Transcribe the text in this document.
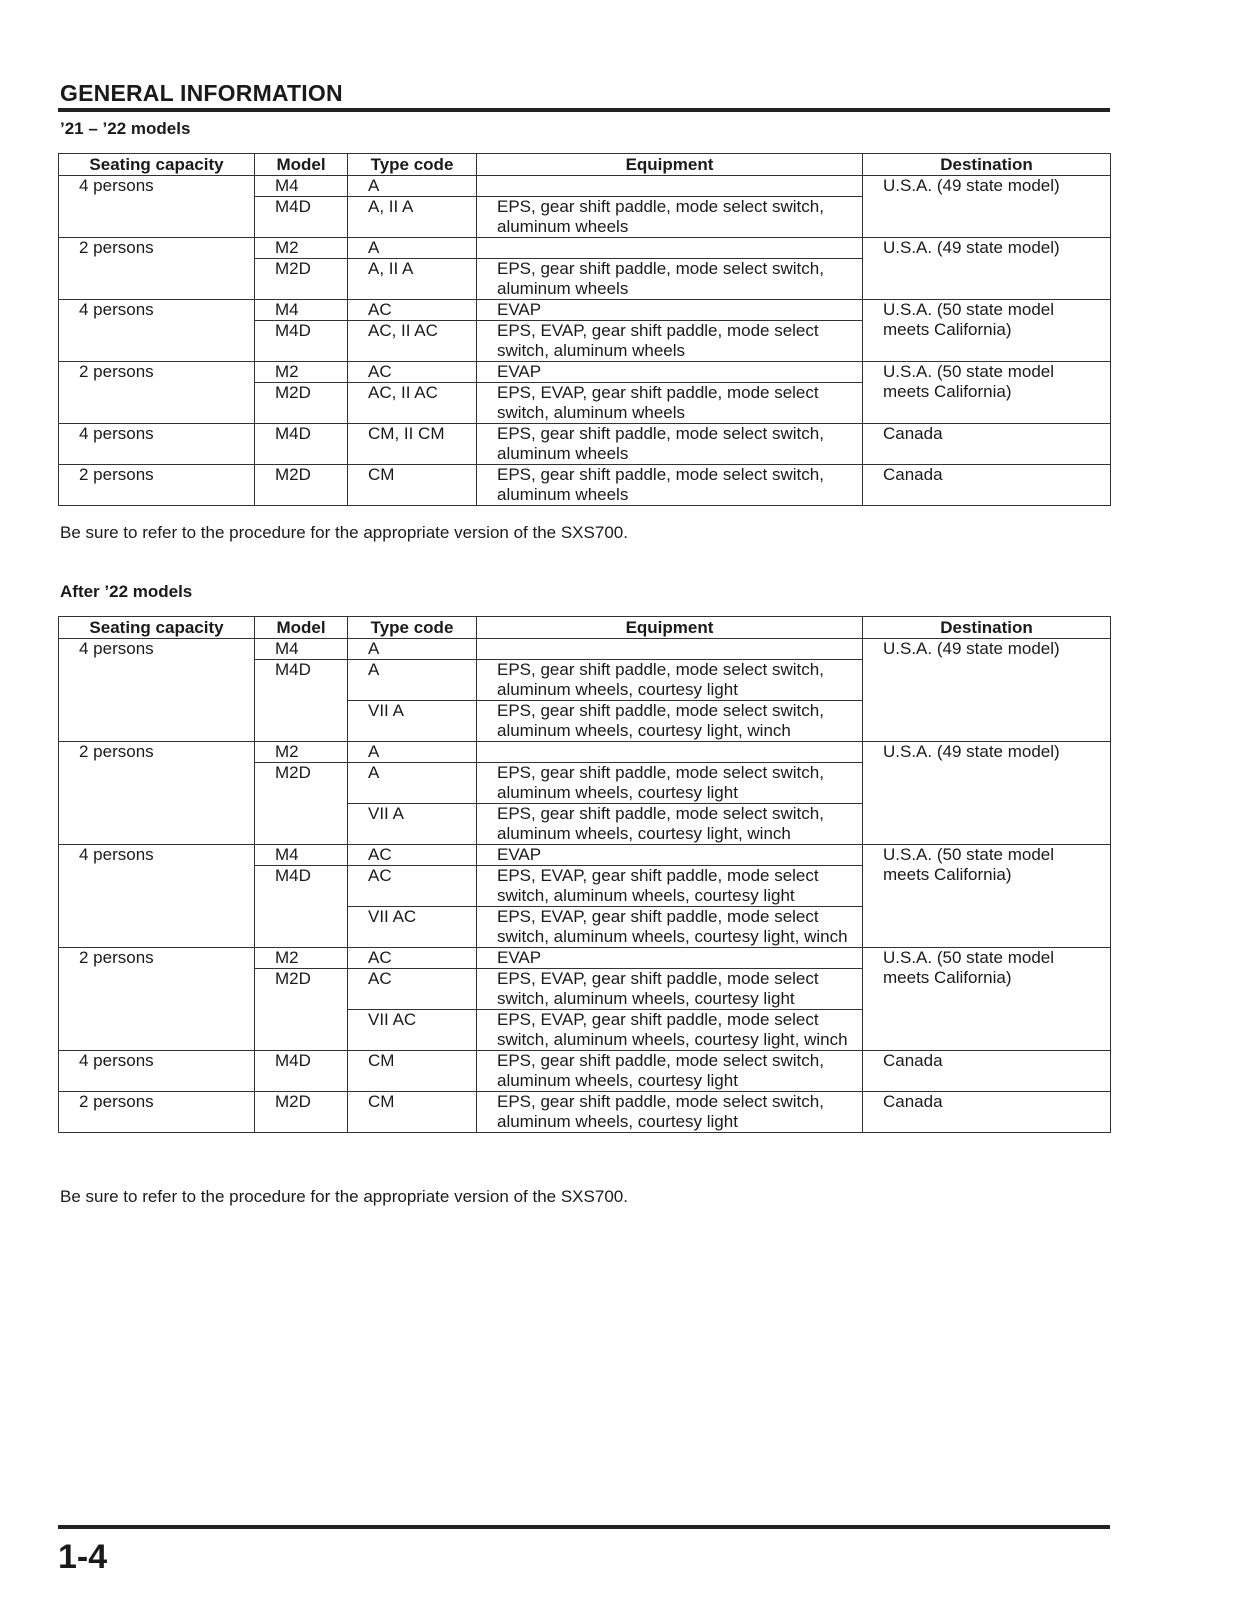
GENERAL INFORMATION
’21 – ’22 models
Seating capacity	Model	Type code	Equipment	Destination
4 persons	M4	A		U.S.A. (49 state model)
	M4D	A, II A	EPS, gear shift paddle, mode select switch, aluminum wheels	
2 persons	M2	A		U.S.A. (49 state model)
	M2D	A, II A	EPS, gear shift paddle, mode select switch, aluminum wheels	
4 persons	M4	AC	EVAP	U.S.A. (50 state model meets California)
	M4D	AC, II AC	EPS, EVAP, gear shift paddle, mode select switch, aluminum wheels	
2 persons	M2	AC	EVAP	U.S.A. (50 state model meets California)
	M2D	AC, II AC	EPS, EVAP, gear shift paddle, mode select switch, aluminum wheels	
4 persons	M4D	CM, II CM	EPS, gear shift paddle, mode select switch, aluminum wheels	Canada
2 persons	M2D	CM	EPS, gear shift paddle, mode select switch, aluminum wheels	Canada
Be sure to refer to the procedure for the appropriate version of the SXS700.
After ’22 models
Seating capacity	Model	Type code	Equipment	Destination
4 persons	M4	A		U.S.A. (49 state model)
	M4D	A	EPS, gear shift paddle, mode select switch, aluminum wheels, courtesy light	
		VII A	EPS, gear shift paddle, mode select switch, aluminum wheels, courtesy light, winch	
2 persons	M2	A		U.S.A. (49 state model)
	M2D	A	EPS, gear shift paddle, mode select switch, aluminum wheels, courtesy light	
		VII A	EPS, gear shift paddle, mode select switch, aluminum wheels, courtesy light, winch	
4 persons	M4	AC	EVAP	U.S.A. (50 state model meets California)
	M4D	AC	EPS, EVAP, gear shift paddle, mode select switch, aluminum wheels, courtesy light	
		VII AC	EPS, EVAP, gear shift paddle, mode select switch, aluminum wheels, courtesy light, winch	
2 persons	M2	AC	EVAP	U.S.A. (50 state model meets California)
	M2D	AC	EPS, EVAP, gear shift paddle, mode select switch, aluminum wheels, courtesy light	
		VII AC	EPS, EVAP, gear shift paddle, mode select switch, aluminum wheels, courtesy light, winch	
4 persons	M4D	CM	EPS, gear shift paddle, mode select switch, aluminum wheels, courtesy light	Canada
2 persons	M2D	CM	EPS, gear shift paddle, mode select switch, aluminum wheels, courtesy light	Canada
Be sure to refer to the procedure for the appropriate version of the SXS700.
1-4
